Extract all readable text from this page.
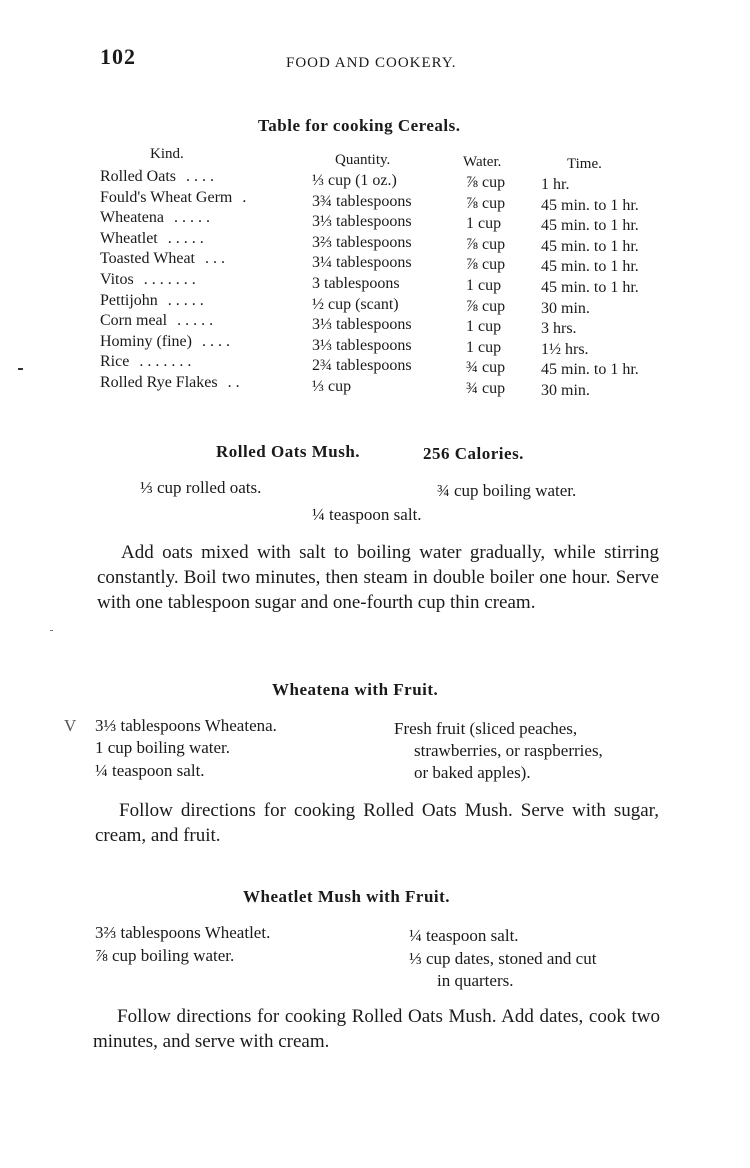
102	FOOD AND COOKERY.
Table for cooking Cereals.
Kind.	Quantity.	Water.	Time.
Rolled Oats . . . .	⅓ cup (1 oz.)	⅞ cup 1 hr.
Fould's Wheat Germ .	3¾ tablespoons	⅞ cup 45 min. to 1 hr.
Wheatena . . . . .	3⅓ tablespoons	1 cup 45 min. to 1 hr.
Wheatlet . . . . .	3⅔ tablespoons	⅞ cup 45 min. to 1 hr.
Toasted Wheat . . .	3¼ tablespoons	⅞ cup 45 min. to 1 hr.
Vitos . . . . . . .	3 tablespoons	1 cup 45 min. to 1 hr.
Pettijohn . . . . .	½ cup (scant)	⅞ cup 30 min.
Corn meal . . . . .	3⅓ tablespoons	1 cup 3 hrs.
Hominy (fine) . . . .	3⅓ tablespoons	1 cup 1½ hrs.
Rice . . . . . . .	2¾ tablespoons	¾ cup 45 min. to 1 hr.
Rolled Rye Flakes . .	⅓ cup	¾ cup 30 min.
Rolled Oats Mush.	256 Calories.
⅓ cup rolled oats.	¾ cup boiling water.
¼ teaspoon salt.

Add oats mixed with salt to boiling water gradually, while stirring constantly. Boil two minutes, then steam in double boiler one hour. Serve with one tablespoon sugar and one-fourth cup thin cream.

Wheatena with Fruit.
V 3⅓ tablespoons Wheatena.
1 cup boiling water.
¼ teaspoon salt.
Fresh fruit (sliced peaches,
strawberries, or raspberries,
or baked apples).

Follow directions for cooking Rolled Oats Mush. Serve with sugar, cream, and fruit.

Wheatlet Mush with Fruit.
3⅔ tablespoons Wheatlet.
⅞ cup boiling water.
¼ teaspoon salt.
⅓ cup dates, stoned and cut
in quarters.

Follow directions for cooking Rolled Oats Mush. Add dates, cook two minutes, and serve with cream.
